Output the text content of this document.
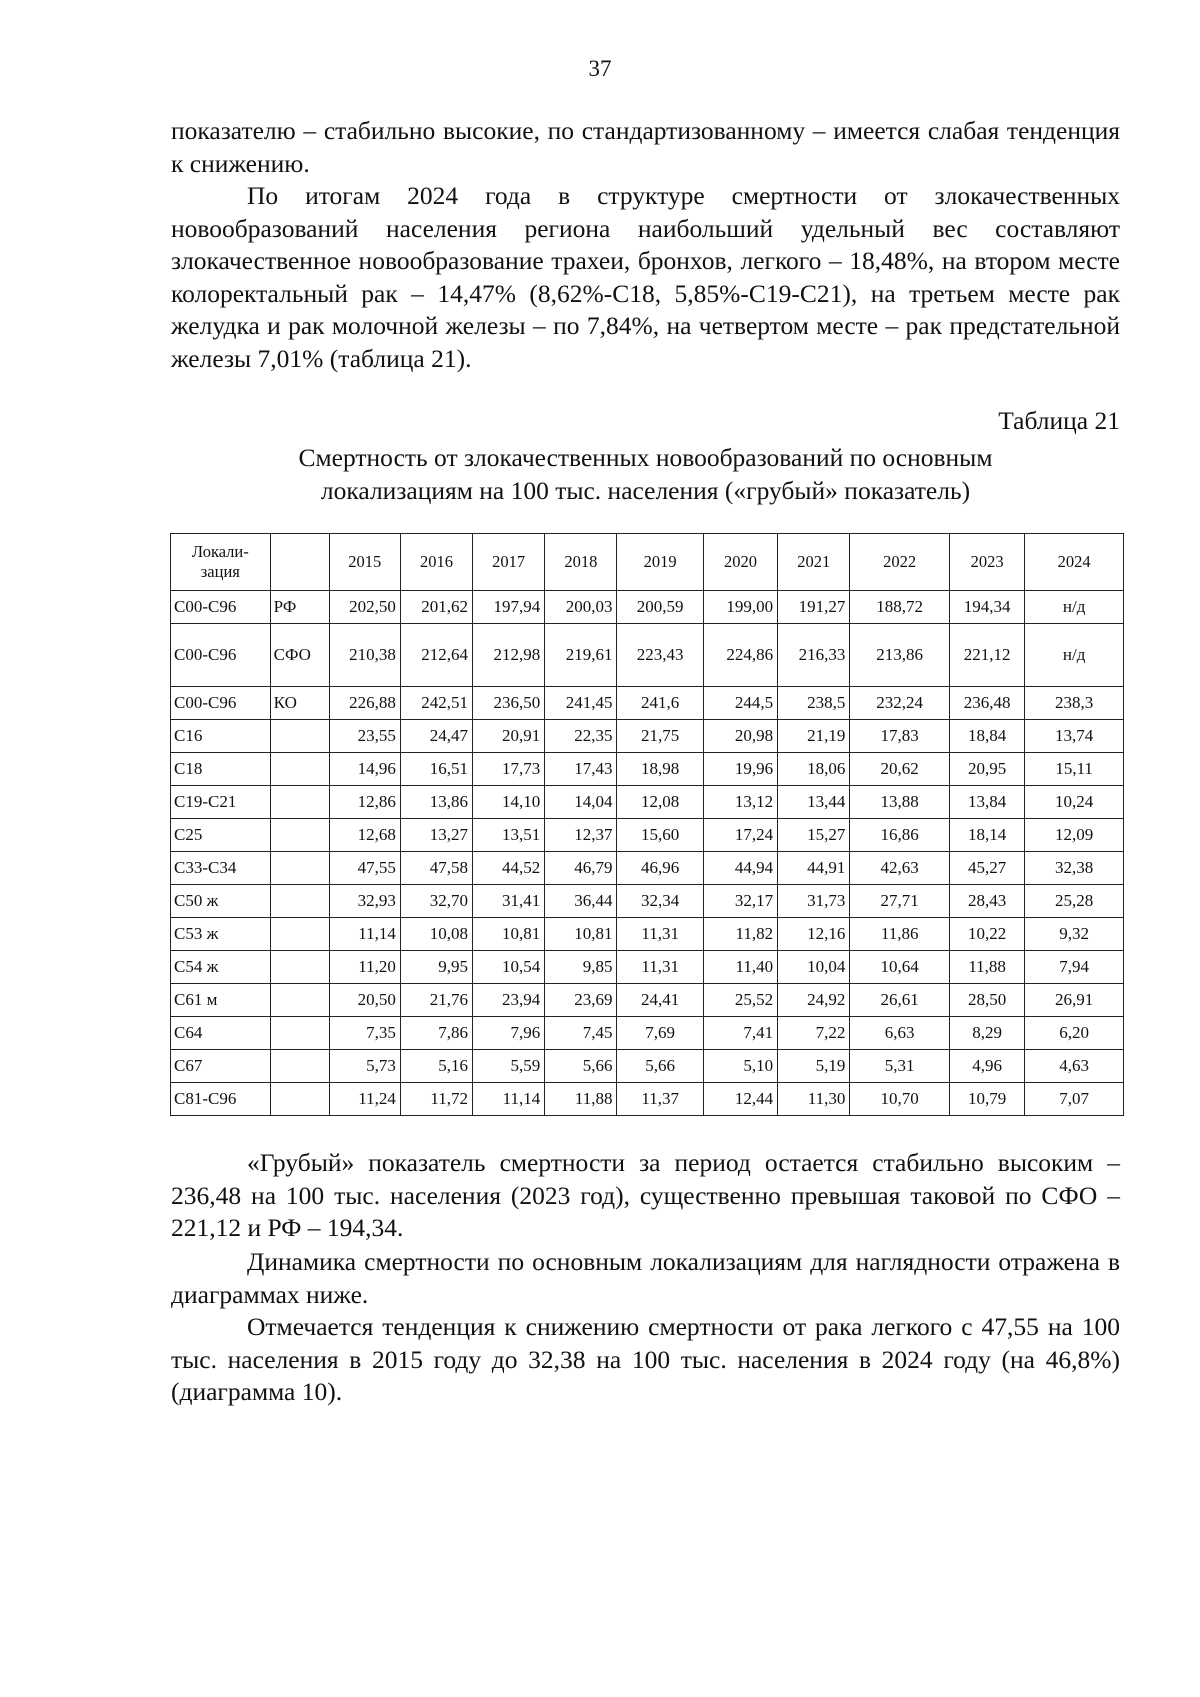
37

показателю – стабильно высокие, по стандартизованному – имеется слабая тенденция к снижению.

По итогам 2024 года в структуре смертности от злокачественных новообразований населения региона наибольший удельный вес составляют злокачественное новообразование трахеи, бронхов, легкого – 18,48%, на втором месте колоректальный рак – 14,47% (8,62%-С18, 5,85%-С19-С21), на третьем месте рак желудка и рак молочной железы – по 7,84%, на четвертом месте – рак предстательной железы 7,01% (таблица 21).

Таблица 21
Смертность от злокачественных новообразований по основным
локализациям на 100 тыс. населения («грубый» показатель)
Локали-
зация		2015	2016	2017	2018	2019	2020	2021	2022	2023	2024
С00-С96	РФ	202,50	201,62	197,94	200,03	200,59	199,00	191,27	188,72	194,34	н/д
С00-С96	СФО	210,38	212,64	212,98	219,61	223,43	224,86	216,33	213,86	221,12	н/д
С00-С96	КО	226,88	242,51	236,50	241,45	241,6	244,5	238,5	232,24	236,48	238,3
С16		23,55	24,47	20,91	22,35	21,75	20,98	21,19	17,83	18,84	13,74
С18		14,96	16,51	17,73	17,43	18,98	19,96	18,06	20,62	20,95	15,11
С19-С21		12,86	13,86	14,10	14,04	12,08	13,12	13,44	13,88	13,84	10,24
С25		12,68	13,27	13,51	12,37	15,60	17,24	15,27	16,86	18,14	12,09
С33-С34		47,55	47,58	44,52	46,79	46,96	44,94	44,91	42,63	45,27	32,38
С50 ж		32,93	32,70	31,41	36,44	32,34	32,17	31,73	27,71	28,43	25,28
С53 ж		11,14	10,08	10,81	10,81	11,31	11,82	12,16	11,86	10,22	9,32
С54 ж		11,20	9,95	10,54	9,85	11,31	11,40	10,04	10,64	11,88	7,94
С61 м		20,50	21,76	23,94	23,69	24,41	25,52	24,92	26,61	28,50	26,91
С64		7,35	7,86	7,96	7,45	7,69	7,41	7,22	6,63	8,29	6,20
С67		5,73	5,16	5,59	5,66	5,66	5,10	5,19	5,31	4,96	4,63
С81-С96		11,24	11,72	11,14	11,88	11,37	12,44	11,30	10,70	10,79	7,07

«Грубый» показатель смертности за период остается стабильно высоким – 236,48 на 100 тыс. населения (2023 год), существенно превышая таковой по СФО – 221,12 и РФ – 194,34.

Динамика смертности по основным локализациям для наглядности отражена в диаграммах ниже.

Отмечается тенденция к снижению смертности от рака легкого с 47,55 на 100 тыс. населения в 2015 году до 32,38 на 100 тыс. населения в 2024 году (на 46,8%) (диаграмма 10).
